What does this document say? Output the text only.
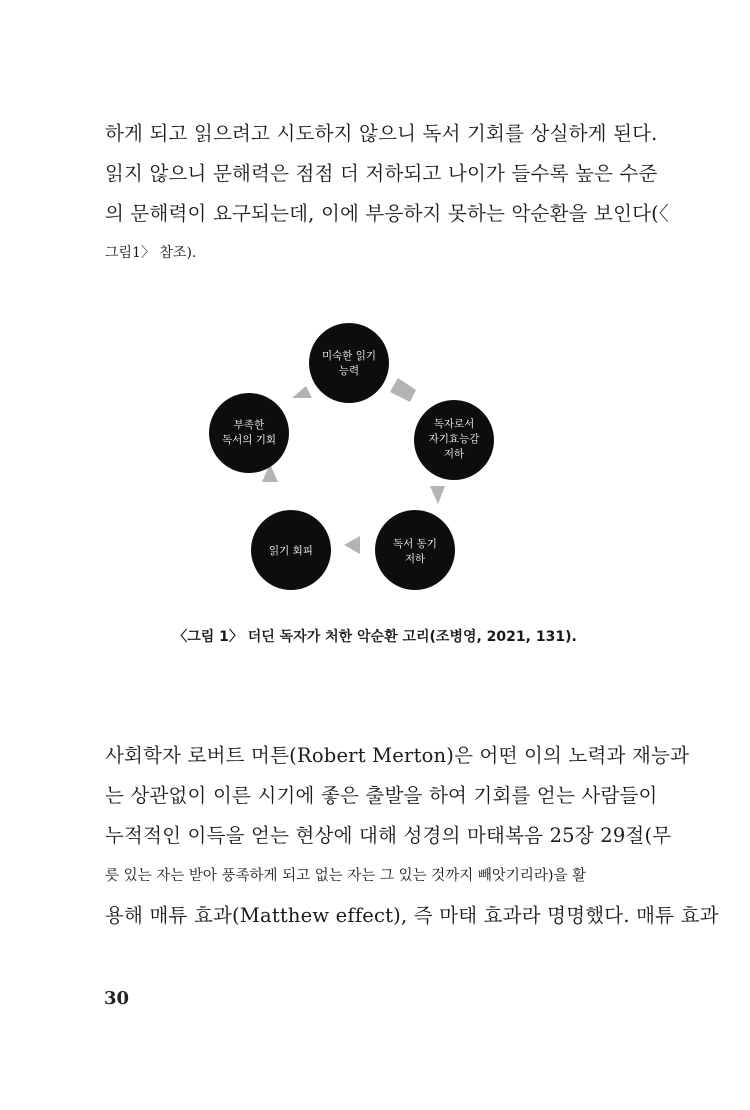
하게 되고 읽으려고 시도하지 않으니 독서 기회를 상실하게 된다.
읽지 않으니 문해력은 점점 더 저하되고 나이가 들수록 높은 수준
의 문해력이 요구되는데, 이에 부응하지 못하는 악순환을 보인다(〈
그림1〉 참조).
미숙한 읽기
능력
독자로서
자기효능감
저하
독서 동기
저하
읽기 회피
부족한
독서의 기회
〈그림 1〉 더딘 독자가 처한 악순환 고리(조병영, 2021, 131).
사회학자 로버트 머튼(Robert Merton)은 어떤 이의 노력과 재능과
는 상관없이 이른 시기에 좋은 출발을 하여 기회를 얻는 사람들이
누적적인 이득을 얻는 현상에 대해 성경의 마태복음 25장 29절(무
릇 있는 자는 받아 풍족하게 되고 없는 자는 그 있는 것까지 빼앗기리라)을 활
용해 매튜 효과(Matthew effect), 즉 마태 효과라 명명했다. 매튜 효과
30
